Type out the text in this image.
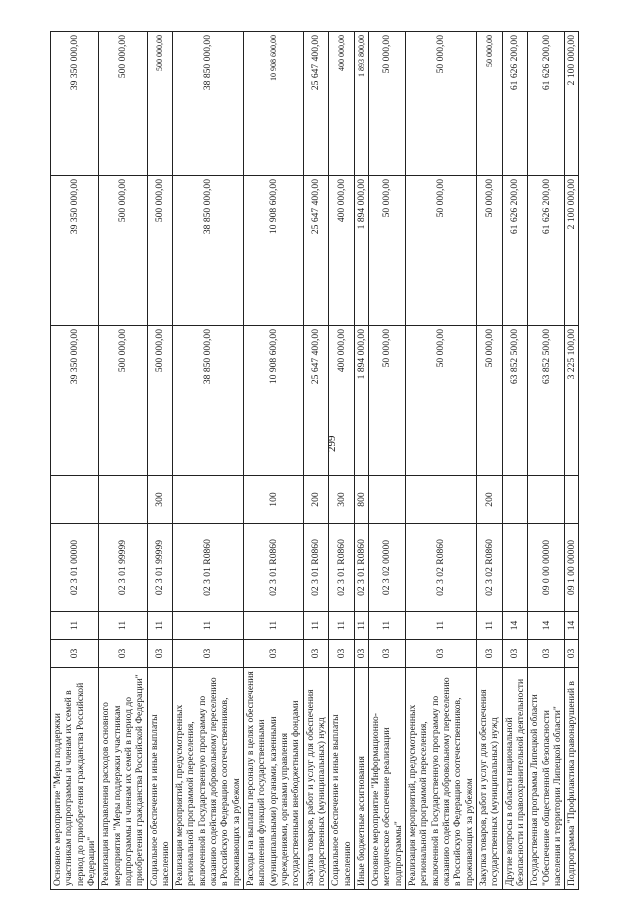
299
Основное мероприятие "Меры поддержки участникам подпрограммы и членам их семей в период до приобретения гражданства Российской Федерации"	03	11	02 3 01 00000		39 350 000,00	39 350 000,00	39 350 000,00
Реализация направления расходов основного мероприятия "Меры поддержки участникам подпрограммы и членам их семей в период до приобретения гражданства Российской Федерации"	03	11	02 3 01 99999		500 000,00	500 000,00	500 000,00
Социальное обеспечение и иные выплаты населению	03	11	02 3 01 99999	300	500 000,00	500 000,00	500 000,00
Реализация мероприятий, предусмотренных региональной программой переселения, включенной в Государственную программу по оказанию содействия добровольному переселению в Российскую Федерацию соотечественников, проживающих за рубежом	03	11	02 3 01 R0860		38 850 000,00	38 850 000,00	38 850 000,00
Расходы на выплаты персоналу в целях обеспечения выполнения функций государственными (муниципальными) органами, казенными учреждениями, органами управления государственными внебюджетными фондами	03	11	02 3 01 R0860	100	10 908 600,00	10 908 600,00	10 908 600,00
Закупка товаров, работ и услуг для обеспечения государственных (муниципальных) нужд	03	11	02 3 01 R0860	200	25 647 400,00	25 647 400,00	25 647 400,00
Социальное обеспечение и иные выплаты населению	03	11	02 3 01 R0860	300	400 000,00	400 000,00	400 000,00
Иные бюджетные ассигнования	03	11	02 3 01 R0860	800	1 894 000,00	1 894 000,00	1 893 800,00
Основное мероприятие "Информационно-методическое обеспечение реализации подпрограммы"	03	11	02 3 02 00000		50 000,00	50 000,00	50 000,00
Реализация мероприятий, предусмотренных региональной программой переселения, включенной в Государственную программу по оказанию содействия добровольному переселению в Российскую Федерацию соотечественников, проживающих за рубежом	03	11	02 3 02 R0860		50 000,00	50 000,00	50 000,00
Закупка товаров, работ и услуг для обеспечения государственных (муниципальных) нужд	03	11	02 3 02 R0860	200	50 000,00	50 000,00	50 000,00
Другие вопросы в области национальной безопасности и правоохранительной деятельности	03	14			63 852 500,00	61 626 200,00	61 626 200,00
Государственная программа Липецкой области "Обеспечение общественной безопасности населения и территории Липецкой области"	03	14	09 0 00 00000		63 852 500,00	61 626 200,00	61 626 200,00
Подпрограмма "Профилактика правонарушений в	03	14	09 1 00 00000		3 225 100,00	2 100 000,00	2 100 000,00
